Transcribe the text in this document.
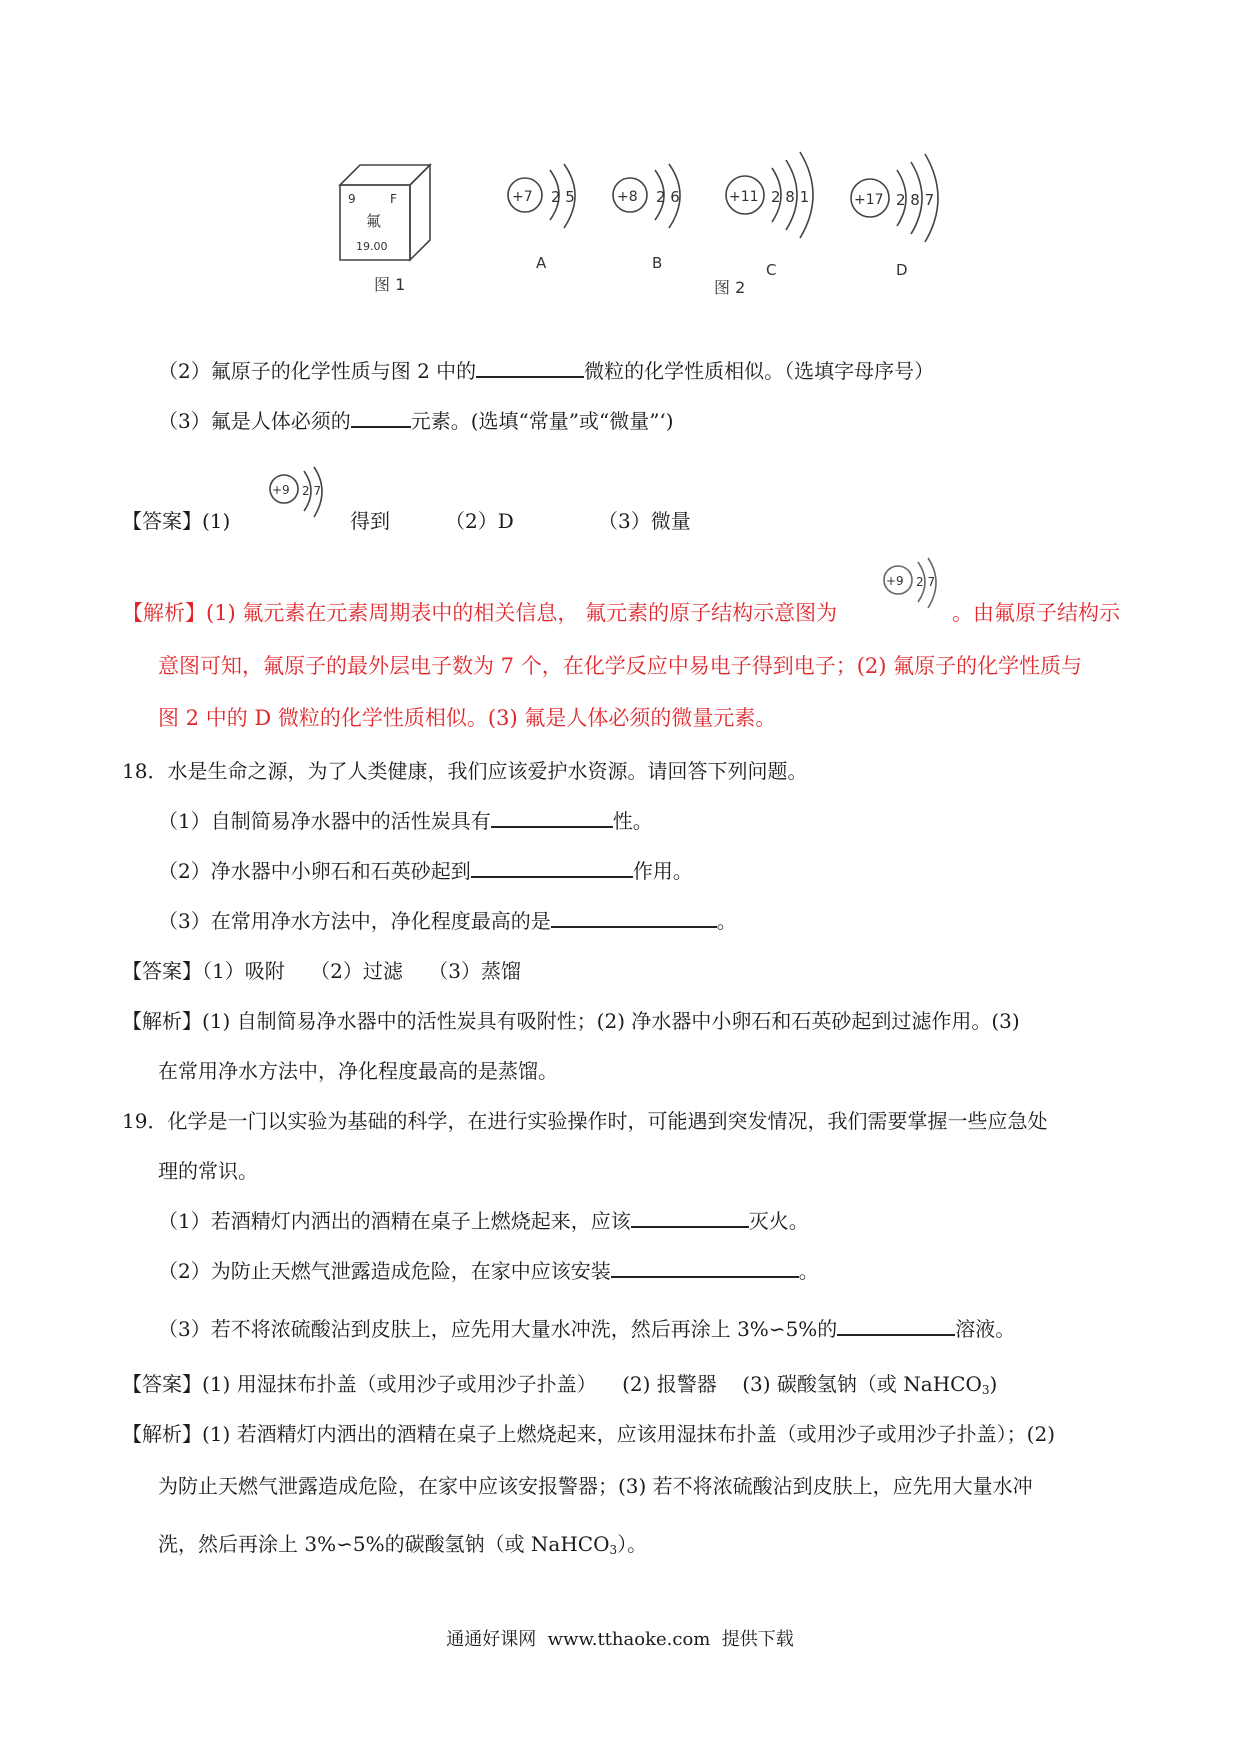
9	F
氟
19.00
图 1
+7 2 5
A
+8 2 6
B
+11 2 8 1
C
+17 2 8 7
D
图 2
（2）氟原子的化学性质与图 2 中的	微粒的化学性质相似。（选填字母序号）
（3）氟是人体必须的	元素。(选填“常量”或“微量”‘)
【答案】(1)
+9 2 7
得到	（2）D	（3）微量
【解析】(1) 氟元素在元素周期表中的相关信息， 氟元素的原子结构示意图为
+9 2 7
。由氟原子结构示
意图可知，氟原子的最外层电子数为 7 个，在化学反应中易电子得到电子；(2) 氟原子的化学性质与
图 2 中的 D 微粒的化学性质相似。(3) 氟是人体必须的微量元素。
18．水是生命之源，为了人类健康，我们应该爱护水资源。请回答下列问题。
（1）自制简易净水器中的活性炭具有	性。
（2）净水器中小卵石和石英砂起到	作用。
（3）在常用净水方法中，净化程度最高的是	。
【答案】（1）吸附    （2）过滤    （3）蒸馏
【解析】(1) 自制简易净水器中的活性炭具有吸附性；(2) 净水器中小卵石和石英砂起到过滤作用。(3)
在常用净水方法中，净化程度最高的是蒸馏。
19．化学是一门以实验为基础的科学，在进行实验操作时，可能遇到突发情况，我们需要掌握一些应急处
理的常识。
（1）若酒精灯内洒出的酒精在桌子上燃烧起来，应该	灭火。
（2）为防止天燃气泄露造成危险，在家中应该安装	。
（3）若不将浓硫酸沾到皮肤上，应先用大量水冲洗，然后再涂上 3%∽5%的	溶液。
【答案】(1) 用湿抹布扑盖（或用沙子或用沙子扑盖）    (2) 报警器    (3) 碳酸氢钠（或 NaHCO$_3$)
【解析】(1) 若酒精灯内洒出的酒精在桌子上燃烧起来，应该用湿抹布扑盖（或用沙子或用沙子扑盖）；(2)
为防止天燃气泄露造成危险，在家中应该安报警器；(3) 若不将浓硫酸沾到皮肤上，应先用大量水冲
洗，然后再涂上 3%∽5%的碳酸氢钠（或 NaHCO$_3$）。
通通好课网  www.tthaoke.com  提供下载
